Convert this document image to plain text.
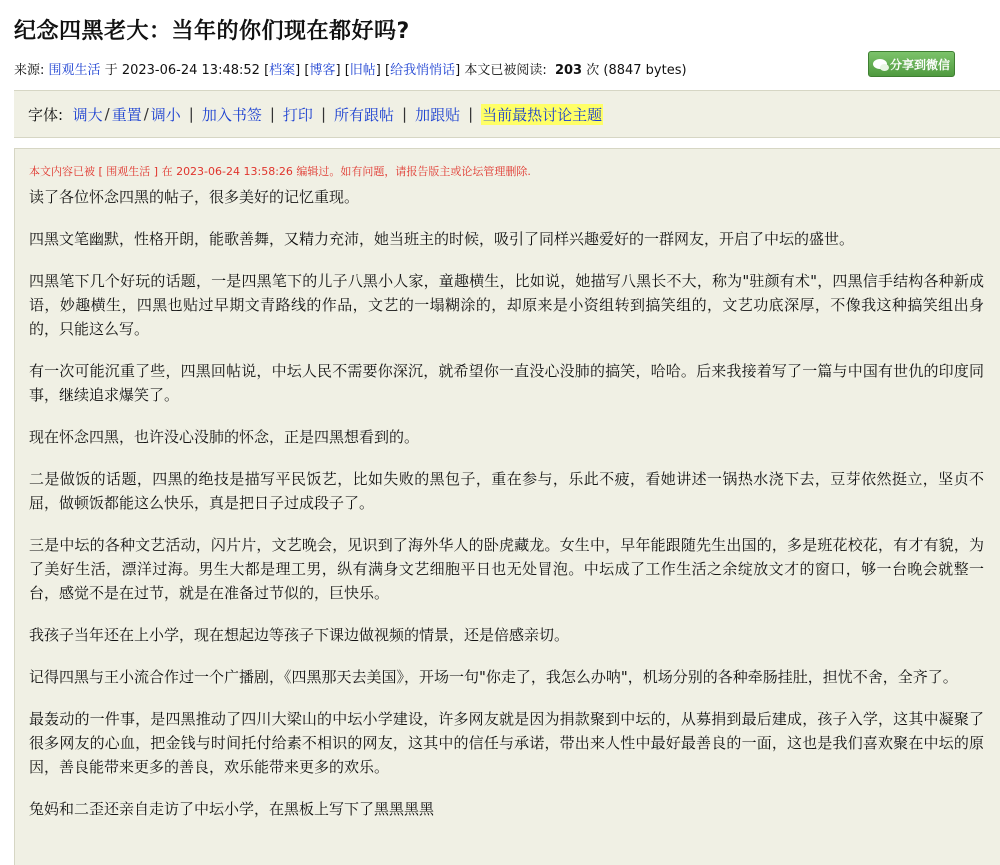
纪念四黑老大：当年的你们现在都好吗?
来源: 围观生活 于 2023-06-24 13:48:52 [档案] [博客] [旧帖] [给我悄悄话] 本文已被阅读: 203 次 (8847 bytes)	分享到微信
字体:
调大 / 重置 / 调小 | 加入书签 | 打印 | 所有跟帖 | 加跟贴 | 当前最热讨论主题
本文内容已被 [ 围观生活 ] 在 2023-06-24 13:58:26 编辑过。如有问题，请报告版主或论坛管理删除.

读了各位怀念四黑的帖子，很多美好的记忆重现。

四黑文笔幽默，性格开朗，能歌善舞，又精力充沛，她当班主的时候，吸引了同样兴趣爱好的一群网友，开启了中坛的盛世。

四黑笔下几个好玩的话题，一是四黑笔下的儿子八黑小人家，童趣横生，比如说，她描写八黑长不大，称为"驻颜有术"，四黑信手结构各种新成语，妙趣横生，四黑也贴过早期文青路线的作品，文艺的一塌糊涂的，却原来是小资组转到搞笑组的，文艺功底深厚，不像我这种搞笑组出身的，只能这么写。

有一次可能沉重了些，四黑回帖说，中坛人民不需要你深沉，就希望你一直没心没肺的搞笑，哈哈。后来我接着写了一篇与中国有世仇的印度同事，继续追求爆笑了。

现在怀念四黑，也许没心没肺的怀念，正是四黑想看到的。

二是做饭的话题，四黑的绝技是描写平民饭艺，比如失败的黑包子，重在参与，乐此不疲，看她讲述一锅热水浇下去，豆芽依然挺立，坚贞不屈，做顿饭都能这么快乐，真是把日子过成段子了。

三是中坛的各种文艺活动，闪片片，文艺晚会，见识到了海外华人的卧虎藏龙。女生中，早年能跟随先生出国的，多是班花校花，有才有貌，为了美好生活，漂洋过海。男生大都是理工男，纵有满身文艺细胞平日也无处冒泡。中坛成了工作生活之余绽放文才的窗口，够一台晚会就整一台，感觉不是在过节，就是在准备过节似的，巨快乐。

我孩子当年还在上小学，现在想起边等孩子下课边做视频的情景，还是倍感亲切。

记得四黑与王小流合作过一个广播剧，《四黑那天去美国》，开场一句"你走了，我怎么办呐"，机场分别的各种牵肠挂肚，担忧不舍，全齐了。

最轰动的一件事，是四黑推动了四川大梁山的中坛小学建设，许多网友就是因为捐款聚到中坛的，从募捐到最后建成，孩子入学，这其中凝聚了很多网友的心血，把金钱与时间托付给素不相识的网友，这其中的信任与承诺，带出来人性中最好最善良的一面，这也是我们喜欢聚在中坛的原因，善良能带来更多的善良，欢乐能带来更多的欢乐。

兔妈和二歪还亲自走访了中坛小学，在黑板上写下了黑黑黑黑
